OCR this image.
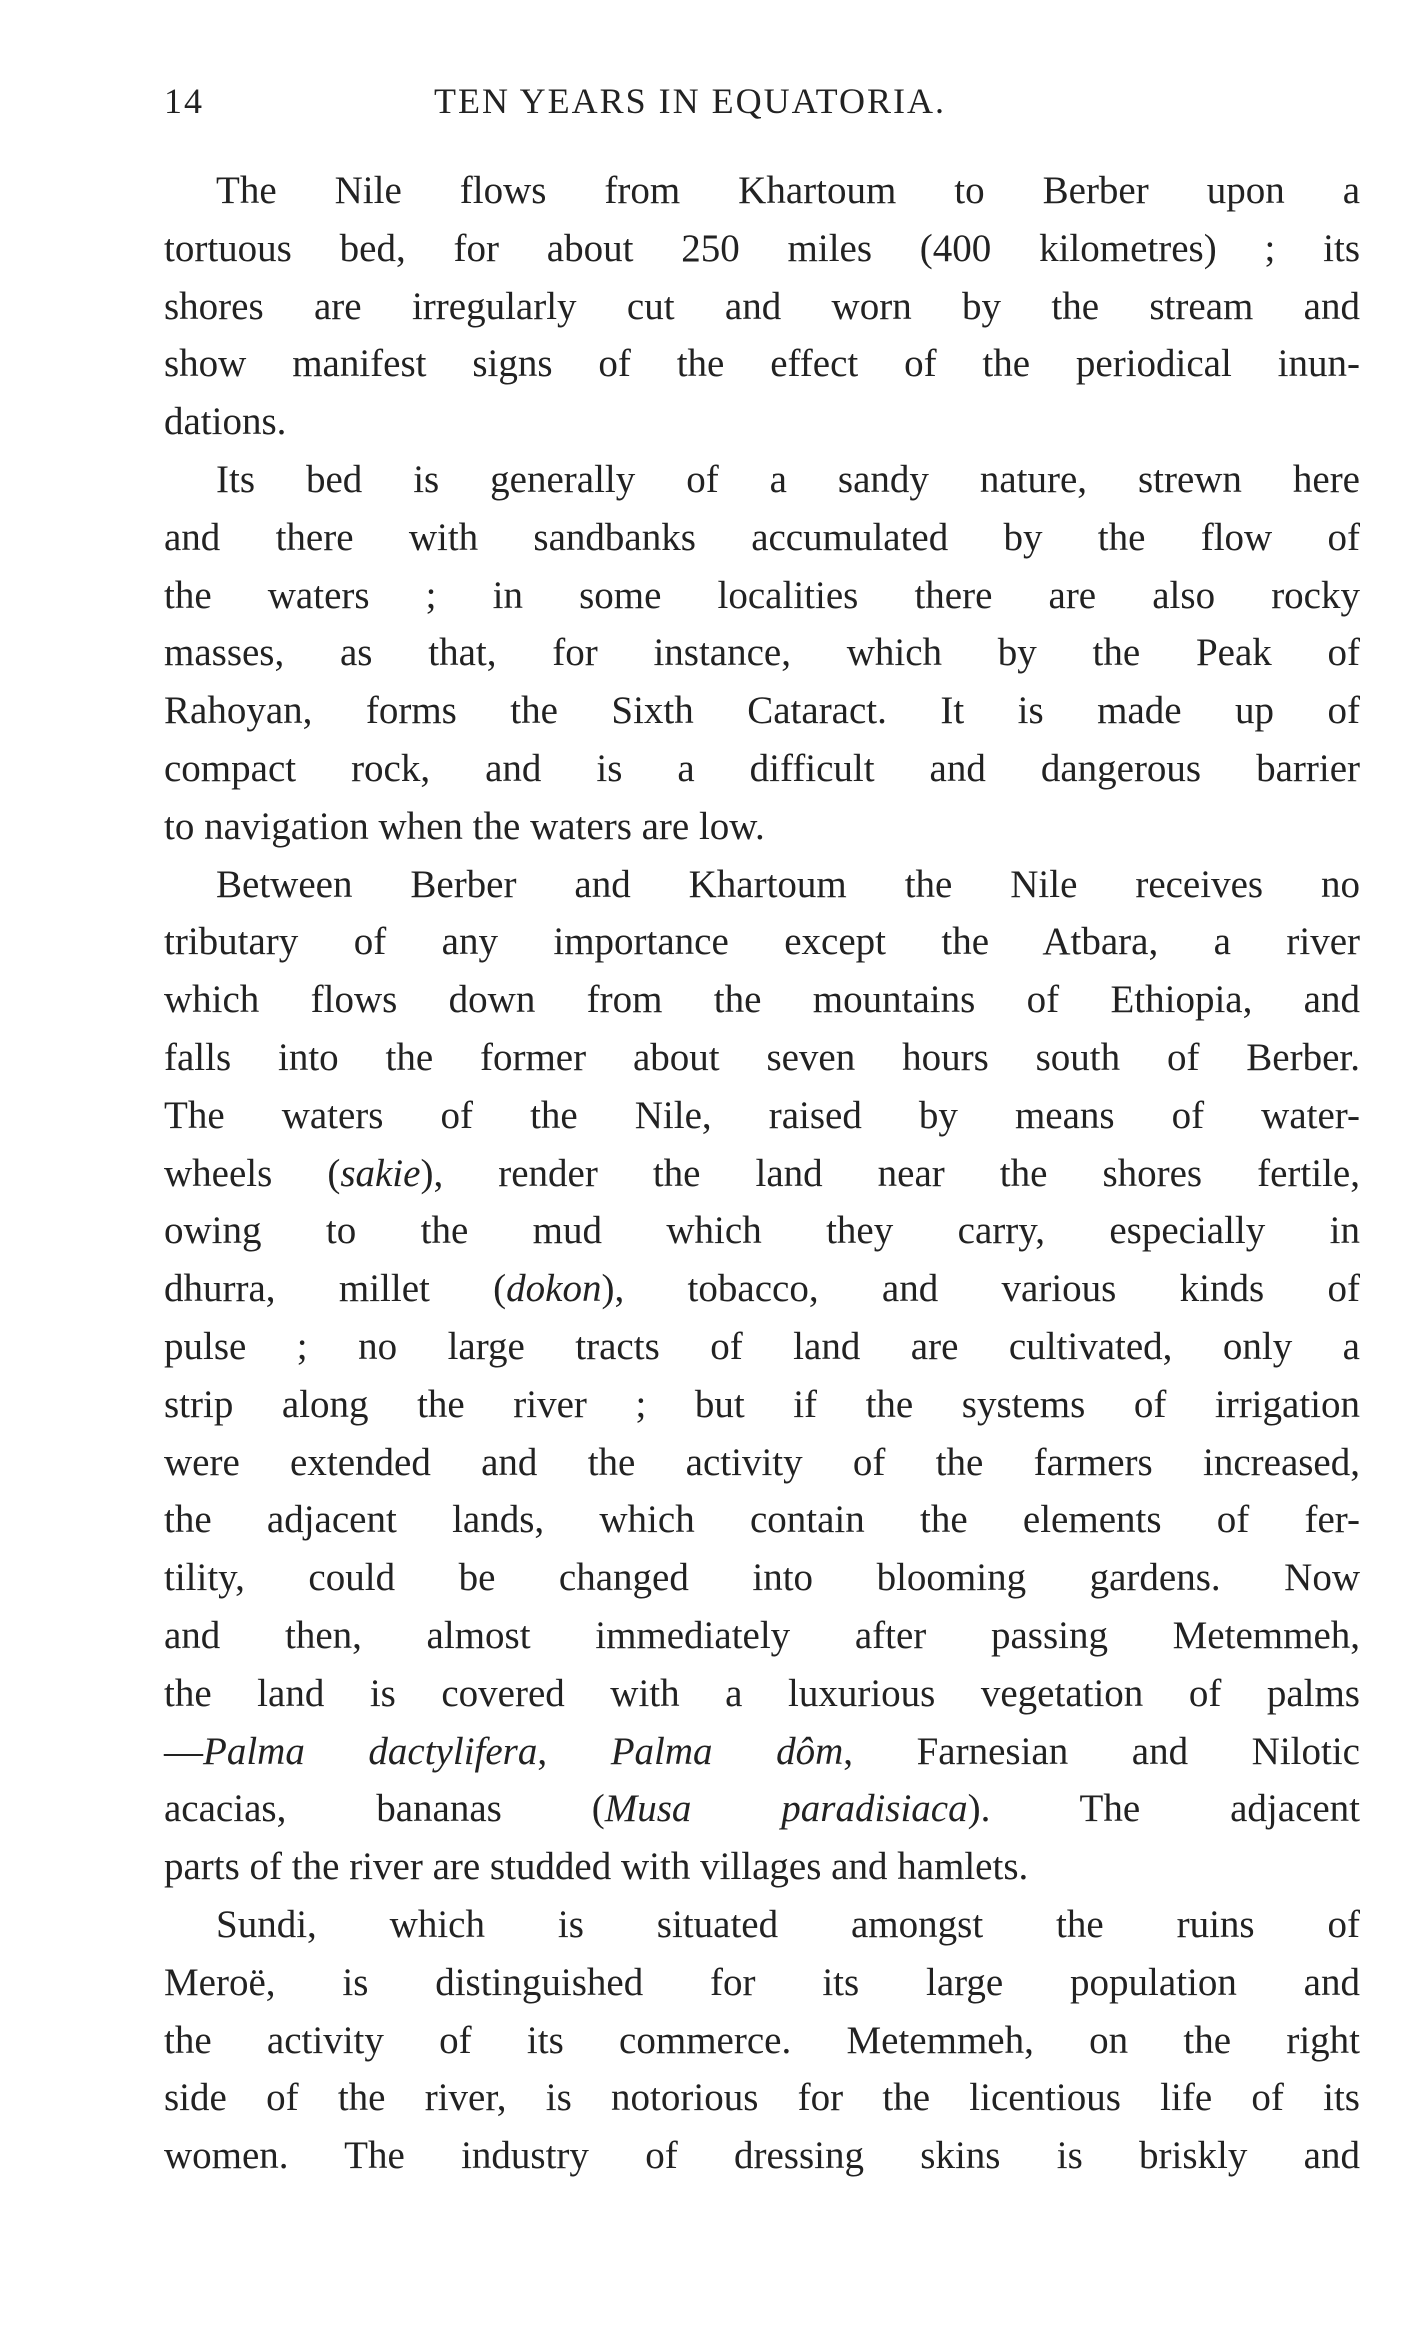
14	TEN YEARS IN EQUATORIA.
The Nile flows from Khartoum to Berber upon a
tortuous bed, for about 250 miles (400 kilometres) ; its
shores are irregularly cut and worn by the stream and
show manifest signs of the effect of the periodical inun-
dations.
Its bed is generally of a sandy nature, strewn here
and there with sandbanks accumulated by the flow of
the waters ; in some localities there are also rocky
masses, as that, for instance, which by the Peak of
Rahoyan, forms the Sixth Cataract. It is made up of
compact rock, and is a difficult and dangerous barrier
to navigation when the waters are low.
Between Berber and Khartoum the Nile receives no
tributary of any importance except the Atbara, a river
which flows down from the mountains of Ethiopia, and
falls into the former about seven hours south of Berber.
The waters of the Nile, raised by means of water-
wheels (sakie), render the land near the shores fertile,
owing to the mud which they carry, especially in
dhurra, millet (dokon), tobacco, and various kinds of
pulse ; no large tracts of land are cultivated, only a
strip along the river ; but if the systems of irrigation
were extended and the activity of the farmers increased,
the adjacent lands, which contain the elements of fer-
tility, could be changed into blooming gardens. Now
and then, almost immediately after passing Metemmeh,
the land is covered with a luxurious vegetation of palms
—Palma dactylifera, Palma dôm, Farnesian and Nilotic
acacias, bananas (Musa paradisiaca). The adjacent
parts of the river are studded with villages and hamlets.
Sundi, which is situated amongst the ruins of
Meroë, is distinguished for its large population and
the activity of its commerce. Metemmeh, on the right
side of the river, is notorious for the licentious life of its
women. The industry of dressing skins is briskly and
